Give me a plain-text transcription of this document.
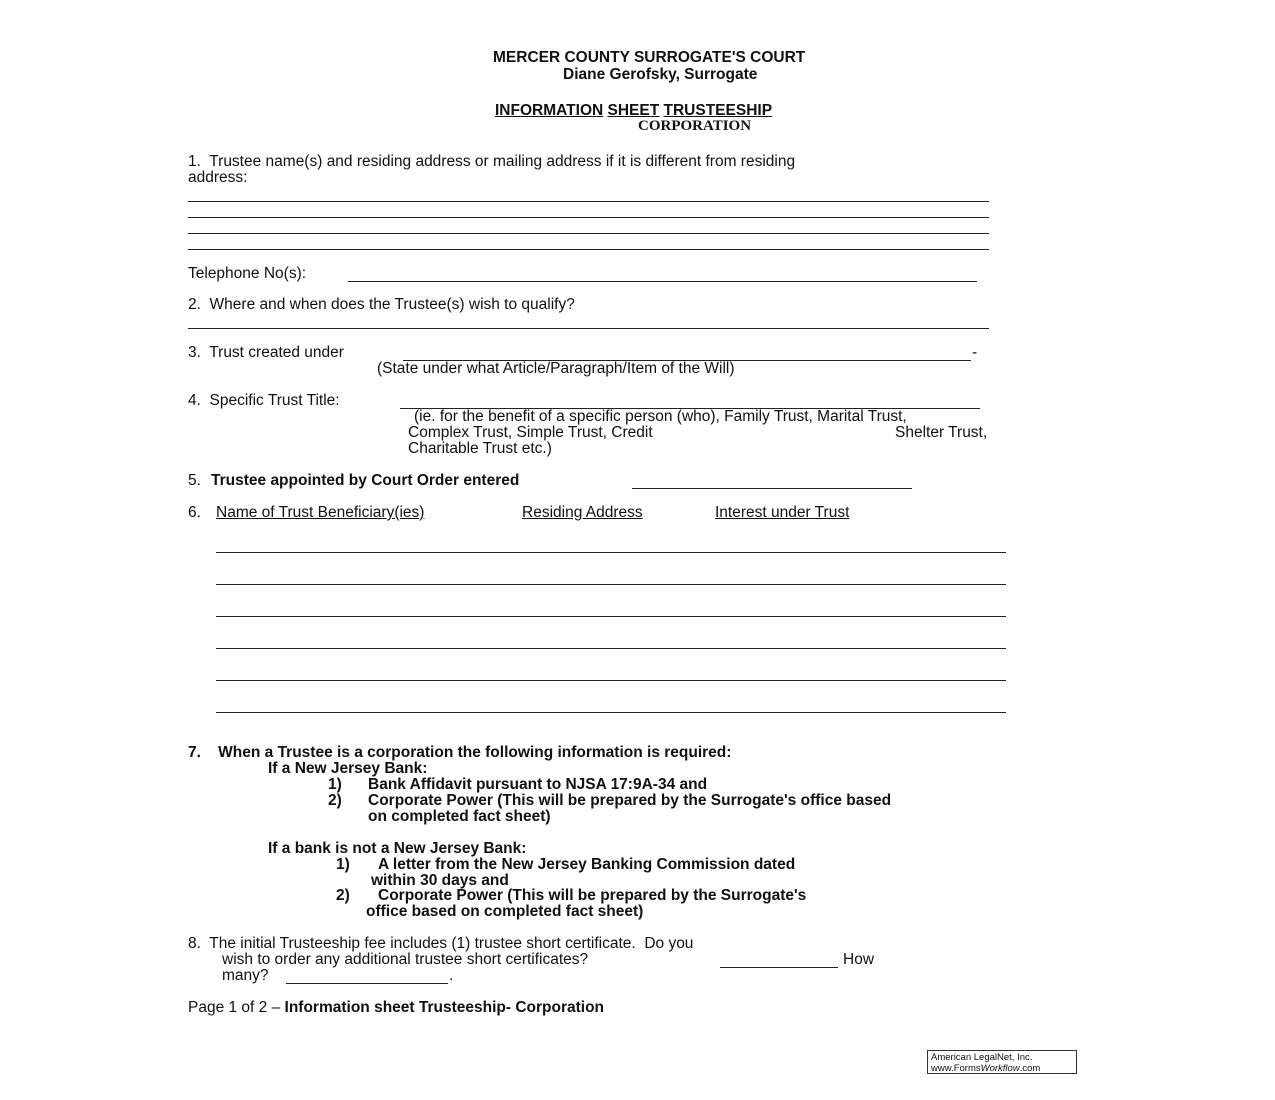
MERCER COUNTY SURROGATE'S COURT
Diane Gerofsky, Surrogate
INFORMATION SHEET TRUSTEESHIP
CORPORATION
1.  Trustee name(s) and residing address or mailing address if it is different from residing
address:
Telephone No(s):
2.  Where and when does the Trustee(s) wish to qualify?
3.  Trust created under	-
(State under what Article/Paragraph/Item of the Will)
4.  Specific Trust Title:
(ie. for the benefit of a specific person (who), Family Trust, Marital Trust,
Complex Trust, Simple Trust, Credit	Shelter Trust,
Charitable Trust etc.)
5. Trustee appointed by Court Order entered
6. Name of Trust Beneficiary(ies)	Residing Address	Interest under Trust
7.    When a Trustee is a corporation the following information is required:
If a New Jersey Bank:
1) Bank Affidavit pursuant to NJSA 17:9A-34 and
2) Corporate Power (This will be prepared by the Surrogate's office based
on completed fact sheet)
If a bank is not a New Jersey Bank:
1) A letter from the New Jersey Banking Commission dated
within 30 days and
2) Corporate Power (This will be prepared by the Surrogate's
office based on completed fact sheet)
8.  The initial Trusteeship fee includes (1) trustee short certificate.  Do you
wish to order any additional trustee short certificates?	How
many?	.
Page 1 of 2 – Information sheet Trusteeship- Corporation
American LegalNet, Inc.
www.FormsWorkflow.com
